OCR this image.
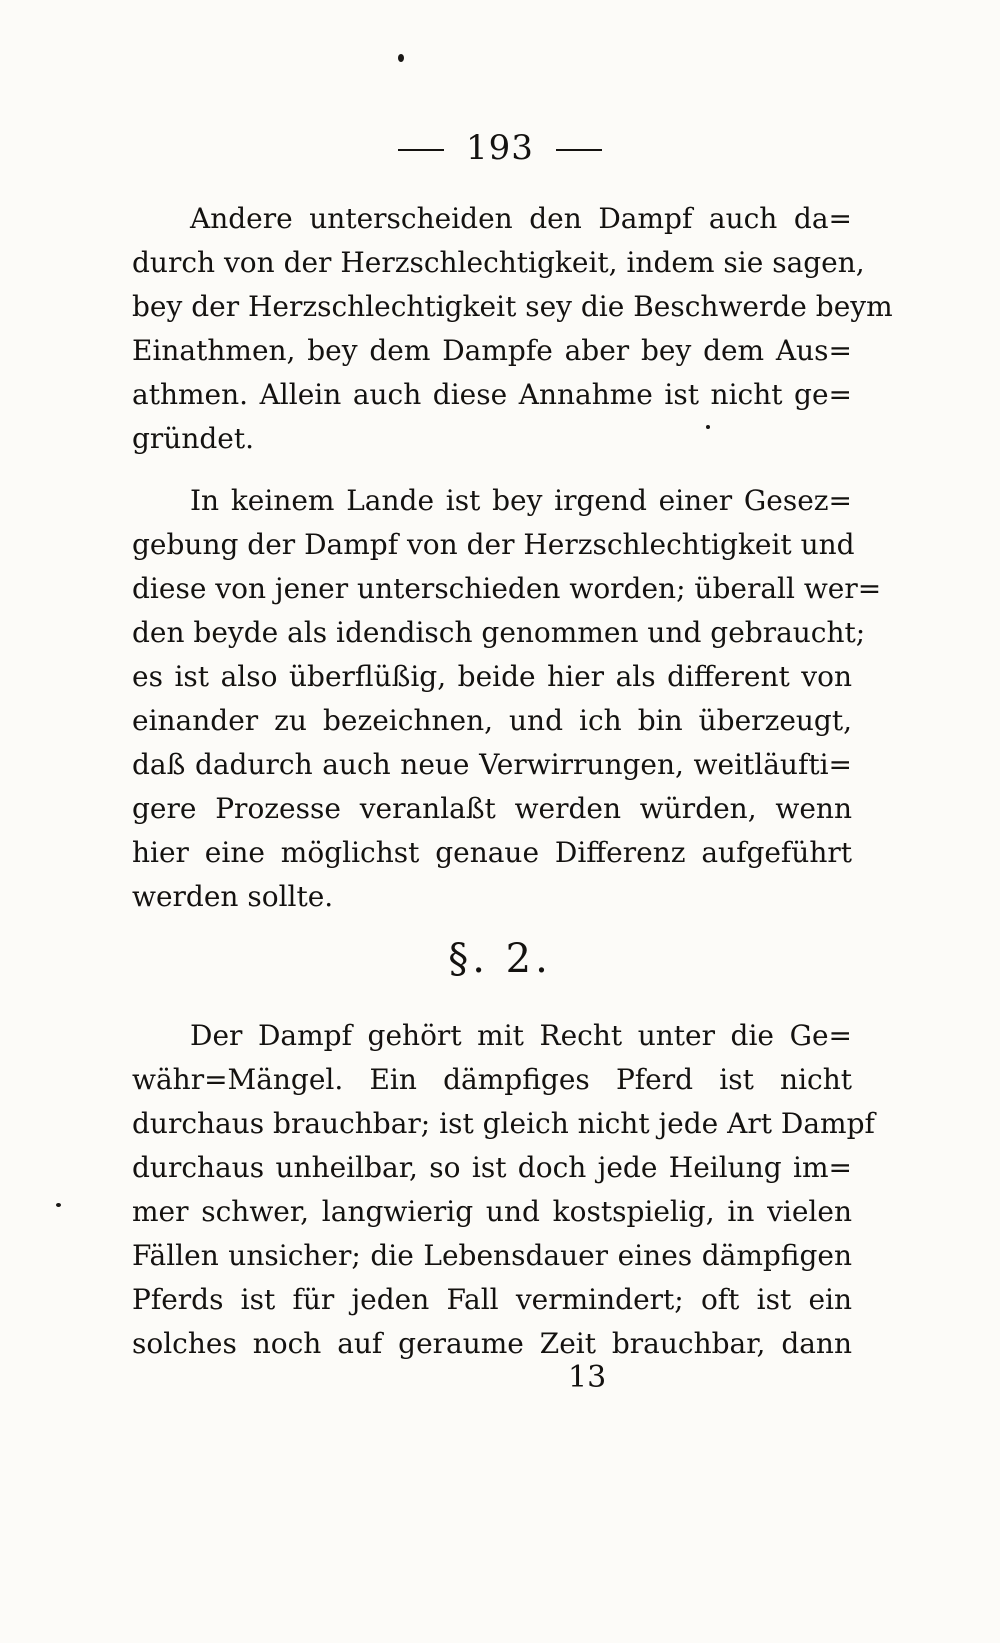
193
Andere unterscheiden den Dampf auch da=
durch von der Herzschlechtigkeit, indem sie sagen,
bey der Herzschlechtigkeit sey die Beschwerde beym
Einathmen, bey dem Dampfe aber bey dem Aus=
athmen. Allein auch diese Annahme ist nicht ge=
gründet.
In keinem Lande ist bey irgend einer Gesez=
gebung der Dampf von der Herzschlechtigkeit und
diese von jener unterschieden worden; überall wer=
den beyde als idendisch genommen und gebraucht;
es ist also überflüßig, beide hier als different von
einander zu bezeichnen, und ich bin überzeugt,
daß dadurch auch neue Verwirrungen, weitläufti=
gere Prozesse veranlaßt werden würden, wenn
hier eine möglichst genaue Differenz aufgeführt
werden sollte.
§. 2.
Der Dampf gehört mit Recht unter die Ge=
währ=Mängel. Ein dämpfiges Pferd ist nicht
durchaus brauchbar; ist gleich nicht jede Art Dampf
durchaus unheilbar, so ist doch jede Heilung im=
mer schwer, langwierig und kostspielig, in vielen
Fällen unsicher; die Lebensdauer eines dämpfigen
Pferds ist für jeden Fall vermindert; oft ist ein
solches noch auf geraume Zeit brauchbar, dann
13
